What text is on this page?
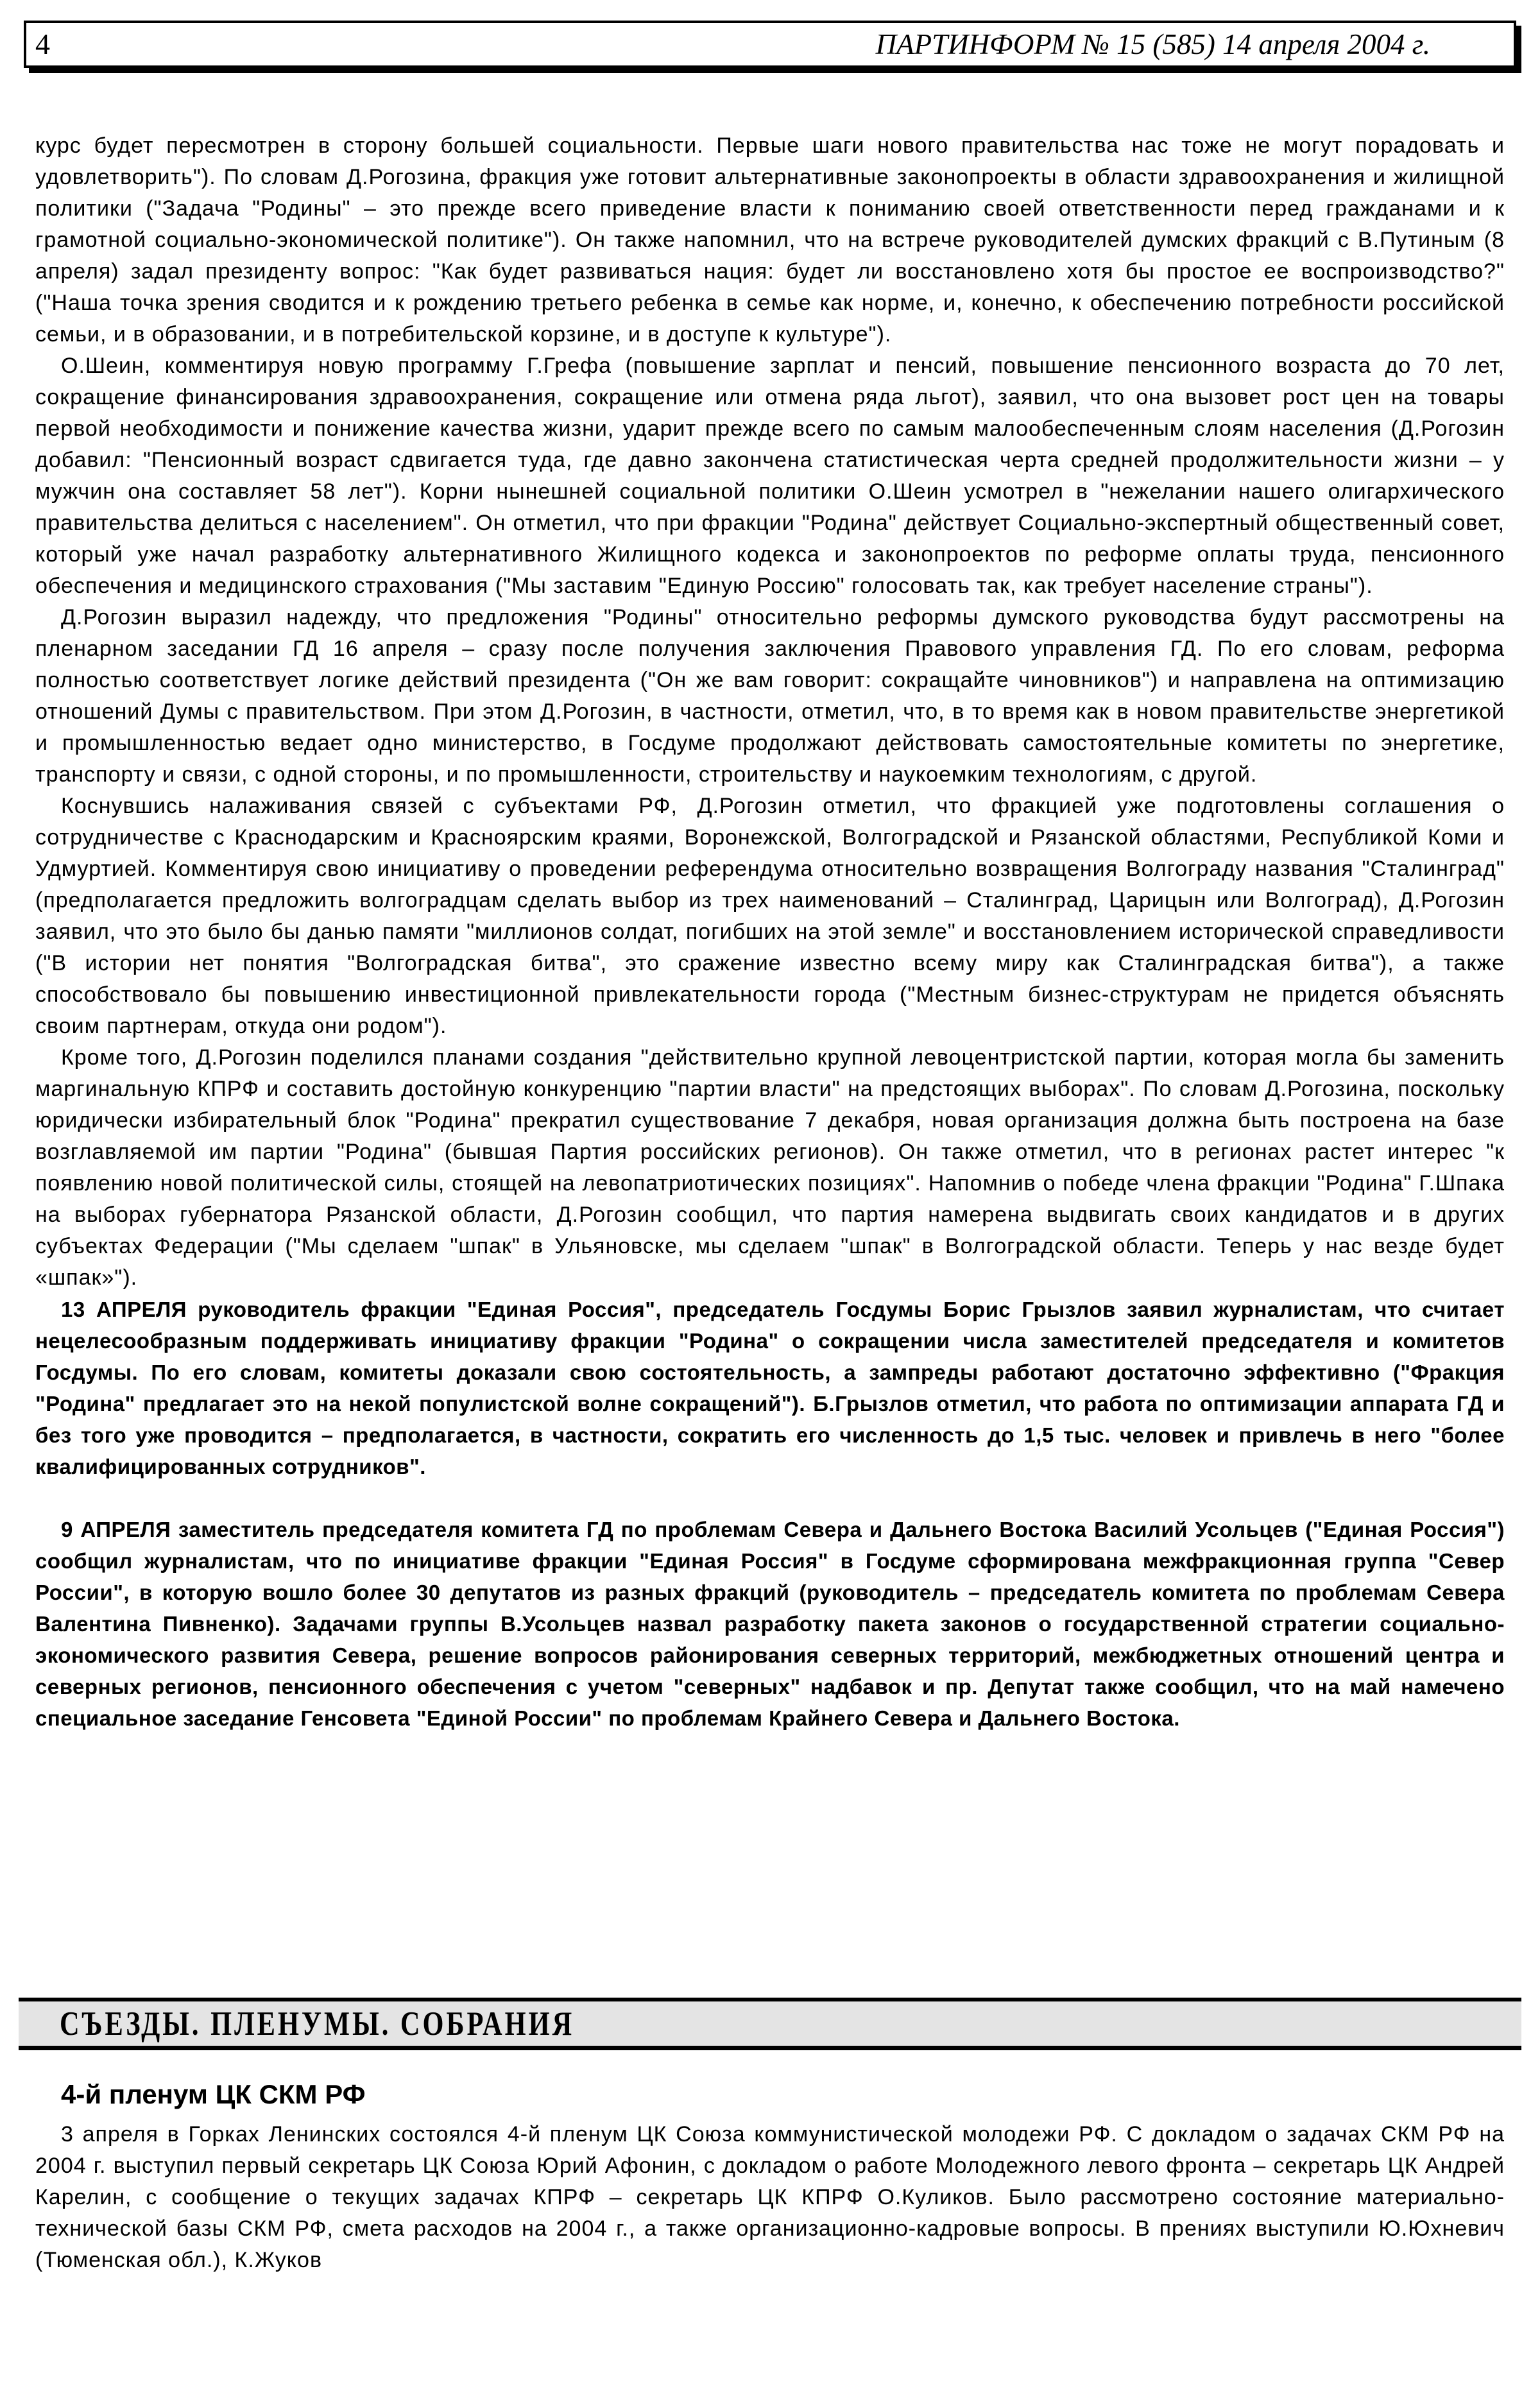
4	ПАРТИНФОРМ № 15 (585) 14 апреля 2004 г.

курс будет пересмотрен в сторону большей социальности. Первые шаги нового правительства нас тоже не могут порадовать и удовлетворить"). По словам Д.Рогозина, фракция уже готовит альтернативные законопроекты в области здравоохранения и жилищной политики ("Задача "Родины" – это прежде всего приведение власти к пониманию своей ответственности перед гражданами и к грамотной социально-экономической политике"). Он также напомнил, что на встрече руководителей думских фракций с В.Путиным (8 апреля) задал президенту вопрос: "Как будет развиваться нация: будет ли восстановлено хотя бы простое ее воспроизводство?" ("Наша точка зрения сводится и к рождению третьего ребенка в семье как норме, и, конечно, к обеспечению потребности российской семьи, и в образовании, и в потребительской корзине, и в доступе к культуре").

О.Шеин, комментируя новую программу Г.Грефа (повышение зарплат и пенсий, повышение пенсионного возраста до 70 лет, сокращение финансирования здравоохранения, сокращение или отмена ряда льгот), заявил, что она вызовет рост цен на товары первой необходимости и понижение качества жизни, ударит прежде всего по самым малообеспеченным слоям населения (Д.Рогозин добавил: "Пенсионный возраст сдвигается туда, где давно закончена статистическая черта средней продолжительности жизни – у мужчин она составляет 58 лет"). Корни нынешней социальной политики О.Шеин усмотрел в "нежелании нашего олигархического правительства делиться с населением". Он отметил, что при фракции "Родина" действует Социально-экспертный общественный совет, который уже начал разработку альтернативного Жилищного кодекса и законопроектов по реформе оплаты труда, пенсионного обеспечения и медицинского страхования ("Мы заставим "Единую Россию" голосовать так, как требует население страны").

Д.Рогозин выразил надежду, что предложения "Родины" относительно реформы думского руководства будут рассмотрены на пленарном заседании ГД 16 апреля – сразу после получения заключения Правового управления ГД. По его словам, реформа полностью соответствует логике действий президента ("Он же вам говорит: сокращайте чиновников") и направлена на оптимизацию отношений Думы с правительством. При этом Д.Рогозин, в частности, отметил, что, в то время как в новом правительстве энергетикой и промышленностью ведает одно министерство, в Госдуме продолжают действовать самостоятельные комитеты по энергетике, транспорту и связи, с одной стороны, и по промышленности, строительству и наукоемким технологиям, с другой.

Коснувшись налаживания связей с субъектами РФ, Д.Рогозин отметил, что фракцией уже подготовлены соглашения о сотрудничестве с Краснодарским и Красноярским краями, Воронежской, Волгоградской и Рязанской областями, Республикой Коми и Удмуртией. Комментируя свою инициативу о проведении референдума относительно возвращения Волгограду названия "Сталинград" (предполагается предложить волгоградцам сделать выбор из трех наименований – Сталинград, Царицын или Волгоград), Д.Рогозин заявил, что это было бы данью памяти "миллионов солдат, погибших на этой земле" и восстановлением исторической справедливости ("В истории нет понятия "Волгоградская битва", это сражение известно всему миру как Сталинградская битва"), а также способствовало бы повышению инвестиционной привлекательности города ("Местным бизнес-структурам не придется объяснять своим партнерам, откуда они родом").

Кроме того, Д.Рогозин поделился планами создания "действительно крупной левоцентристской партии, которая могла бы заменить маргинальную КПРФ и составить достойную конкуренцию "партии власти" на предстоящих выборах". По словам Д.Рогозина, поскольку юридически избирательный блок "Родина" прекратил существование 7 декабря, новая организация должна быть построена на базе возглавляемой им партии "Родина" (бывшая Партия российских регионов). Он также отметил, что в регионах растет интерес "к появлению новой политической силы, стоящей на левопатриотических позициях". Напомнив о победе члена фракции "Родина" Г.Шпака на выборах губернатора Рязанской области, Д.Рогозин сообщил, что партия намерена выдвигать своих кандидатов и в других субъектах Федерации ("Мы сделаем "шпак" в Ульяновске, мы сделаем "шпак" в Волгоградской области. Теперь у нас везде будет «шпак»").

13 АПРЕЛЯ руководитель фракции "Единая Россия", председатель Госдумы Борис Грызлов заявил журналистам, что считает нецелесообразным поддерживать инициативу фракции "Родина" о сокращении числа заместителей председателя и комитетов Госдумы. По его словам, комитеты доказали свою состоятельность, а зампреды работают достаточно эффективно ("Фракция "Родина" предлагает это на некой популистской волне сокращений"). Б.Грызлов отметил, что работа по оптимизации аппарата ГД и без того уже проводится – предполагается, в частности, сократить его численность до 1,5 тыс. человек и привлечь в него "более квалифицированных сотрудников".

9 АПРЕЛЯ заместитель председателя комитета ГД по проблемам Севера и Дальнего Востока Василий Усольцев ("Единая Россия") сообщил журналистам, что по инициативе фракции "Единая Россия" в Госдуме сформирована межфракционная группа "Север России", в которую вошло более 30 депутатов из разных фракций (руководитель – председатель комитета по проблемам Севера Валентина Пивненко). Задачами группы В.Усольцев назвал разработку пакета законов о государственной стратегии социально-экономического развития Севера, решение вопросов районирования северных территорий, межбюджетных отношений центра и северных регионов, пенсионного обеспечения с учетом "северных" надбавок и пр. Депутат также сообщил, что на май намечено специальное заседание Генсовета "Единой России" по проблемам Крайнего Севера и Дальнего Востока.

СЪЕЗДЫ. ПЛЕНУМЫ. СОБРАНИЯ
4-й пленум ЦК СКМ РФ

3 апреля в Горках Ленинских состоялся 4-й пленум ЦК Союза коммунистической молодежи РФ. С докладом о задачах СКМ РФ на 2004 г. выступил первый секретарь ЦК Союза Юрий Афонин, с докладом о работе Молодежного левого фронта – секретарь ЦК Андрей Карелин, с сообщение о текущих задачах КПРФ – секретарь ЦК КПРФ О.Куликов. Было рассмотрено состояние материально-технической базы СКМ РФ, смета расходов на 2004 г., а также организационно-кадровые вопросы. В прениях выступили Ю.Юхневич (Тюменская обл.), К.Жуков
